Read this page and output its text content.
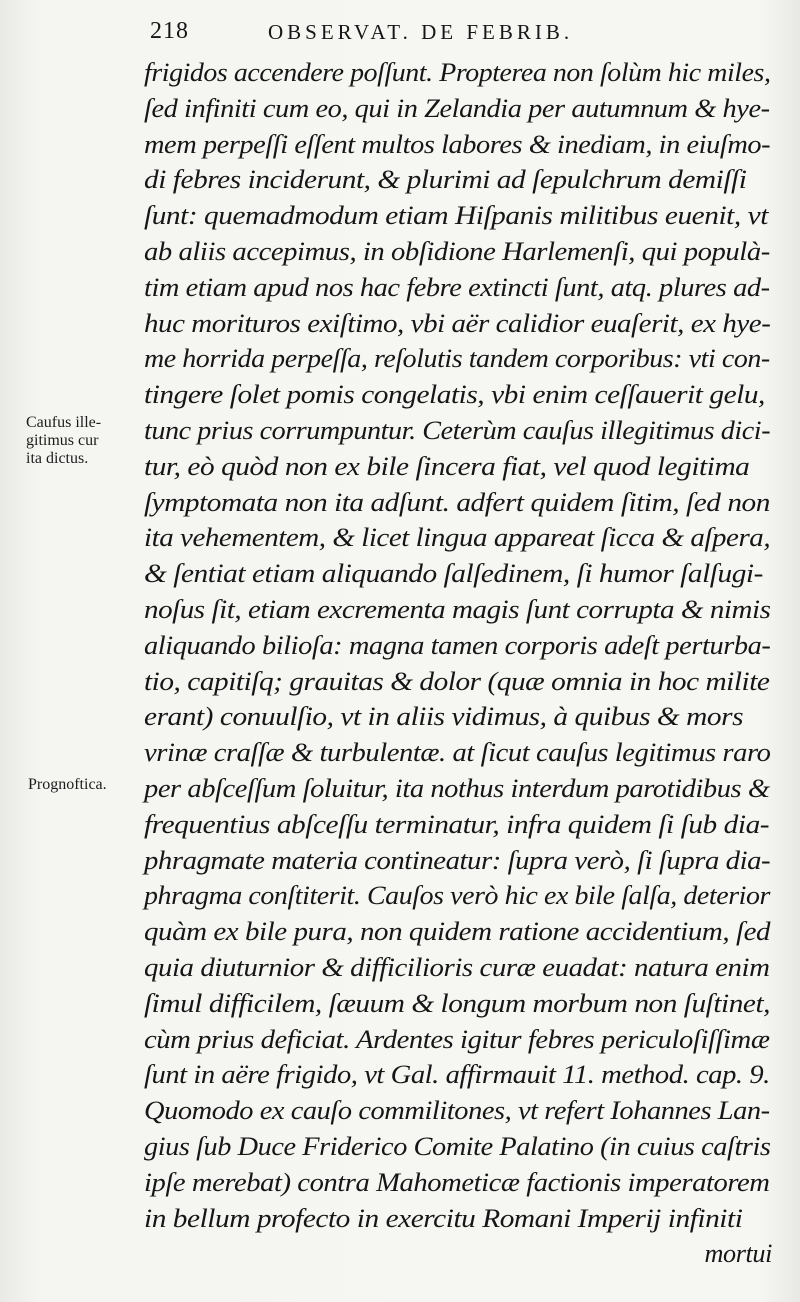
218	OBSERVAT. DE FEBRIB.
Caufus ille-
gitimus cur
ita dictus.
Prognoftica.
frigidos accendere poſſunt. Propterea non ſolùm hic miles,
ſed infiniti cum eo, qui in Zelandia per autumnum & hye-
mem perpeſſi eſſent multos labores & inediam, in eiuſmo-
di febres inciderunt, & plurimi ad ſepulchrum demiſſi
ſunt: quemadmodum etiam Hiſpanis militibus euenit, vt
ab aliis accepimus, in obſidione Harlemenſi, qui populà-
tim etiam apud nos hac febre extincti ſunt, atq. plures ad-
huc morituros exiſtimo, vbi aër calidior euaſerit, ex hye-
me horrida perpeſſa, reſolutis tandem corporibus: vti con-
tingere ſolet pomis congelatis, vbi enim ceſſauerit gelu,
tunc prius corrumpuntur. Ceterùm cauſus illegitimus dici-
tur, eò quòd non ex bile ſincera fiat, vel quod legitima
ſymptomata non ita adſunt. adfert quidem ſitim, ſed non
ita vehementem, & licet lingua appareat ſicca & aſpera,
& ſentiat etiam aliquando ſalſedinem, ſi humor ſalſugi-
noſus ſit, etiam excrementa magis ſunt corrupta & nimis
aliquando bilioſa: magna tamen corporis adeſt perturba-
tio, capitiſq; grauitas & dolor (quæ omnia in hoc milite
erant) conuulſio, vt in aliis vidimus, à quibus & mors
vrinæ craſſæ & turbulentæ. at ſicut cauſus legitimus raro
per abſceſſum ſoluitur, ita nothus interdum parotidibus &
frequentius abſceſſu terminatur, infra quidem ſi ſub dia-
phragmate materia contineatur: ſupra verò, ſi ſupra dia-
phragma conſtiterit. Cauſos verò hic ex bile ſalſa, deterior
quàm ex bile pura, non quidem ratione accidentium, ſed
quia diuturnior & difficilioris curæ euadat: natura enim
ſimul difficilem, ſæuum & longum morbum non ſuſtinet,
cùm prius deficiat. Ardentes igitur febres periculoſiſſimæ
ſunt in aëre frigido, vt Gal. affirmauit 11. method. cap. 9.
Quomodo ex cauſo commilitones, vt refert Iohannes Lan-
gius ſub Duce Friderico Comite Palatino (in cuius caſtris
ipſe merebat) contra Mahometicæ factionis imperatorem
in bellum profecto in exercitu Romani Imperij infiniti
mortui
